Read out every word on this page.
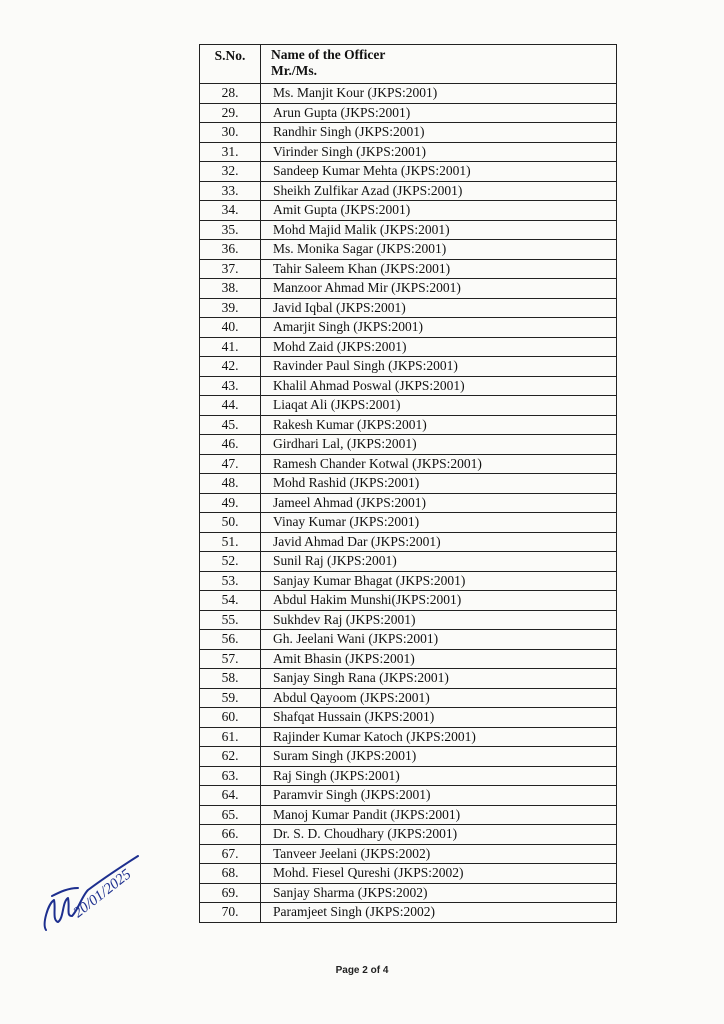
S.No.	Name of the Officer
Mr./Ms.

28.	Ms. Manjit Kour (JKPS:2001)
29.	Arun Gupta (JKPS:2001)
30.	Randhir Singh (JKPS:2001)
31.	Virinder Singh (JKPS:2001)
32.	Sandeep Kumar Mehta (JKPS:2001)
33.	Sheikh Zulfikar Azad (JKPS:2001)
34.	Amit Gupta (JKPS:2001)
35.	Mohd Majid Malik (JKPS:2001)
36.	Ms. Monika Sagar (JKPS:2001)
37.	Tahir Saleem Khan (JKPS:2001)
38.	Manzoor Ahmad Mir (JKPS:2001)
39.	Javid Iqbal (JKPS:2001)
40.	Amarjit Singh (JKPS:2001)
41.	Mohd Zaid (JKPS:2001)
42.	Ravinder Paul Singh (JKPS:2001)
43.	Khalil Ahmad Poswal (JKPS:2001)
44.	Liaqat Ali (JKPS:2001)
45.	Rakesh Kumar (JKPS:2001)
46.	Girdhari Lal, (JKPS:2001)
47.	Ramesh Chander Kotwal (JKPS:2001)
48.	Mohd Rashid (JKPS:2001)
49.	Jameel Ahmad (JKPS:2001)
50.	Vinay Kumar (JKPS:2001)
51.	Javid Ahmad Dar (JKPS:2001)
52.	Sunil Raj (JKPS:2001)
53.	Sanjay Kumar Bhagat (JKPS:2001)
54.	Abdul Hakim Munshi(JKPS:2001)
55.	Sukhdev Raj (JKPS:2001)
56.	Gh. Jeelani Wani (JKPS:2001)
57.	Amit Bhasin (JKPS:2001)
58.	Sanjay Singh Rana (JKPS:2001)
59.	Abdul Qayoom (JKPS:2001)
60.	Shafqat Hussain (JKPS:2001)
61.	Rajinder Kumar Katoch (JKPS:2001)
62.	Suram Singh (JKPS:2001)
63.	Raj Singh (JKPS:2001)
64.	Paramvir Singh (JKPS:2001)
65.	Manoj Kumar Pandit (JKPS:2001)
66.	Dr. S. D. Choudhary (JKPS:2001)
67.	Tanveer Jeelani (JKPS:2002)
68.	Mohd. Fiesel Qureshi (JKPS:2002)
69.	Sanjay Sharma (JKPS:2002)
70.	Paramjeet Singh (JKPS:2002)
20/01/2025
Page 2 of 4
